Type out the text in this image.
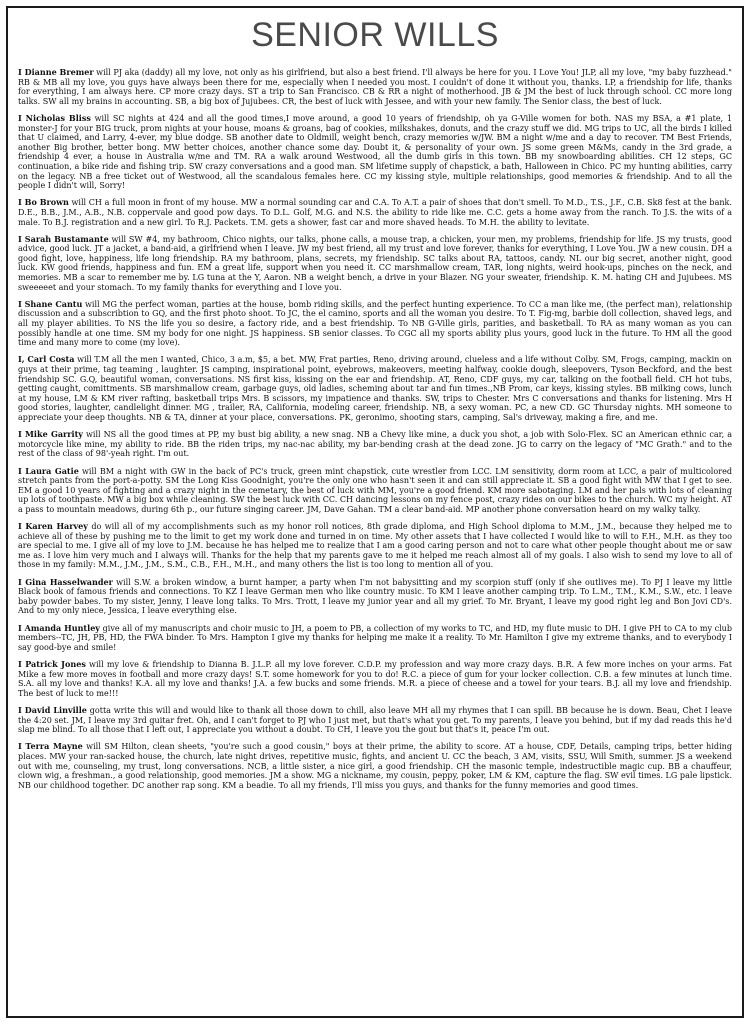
SENIOR WILLS

I Dianne Bremer will PJ aka (daddy) all my love, not only as his girlfriend, but also a best friend. I'll always be here for you. I Love You! JLP, all my love, "my baby fuzzhead." RB & MB all my love, you guys have always been there for me, especially when I needed you most. I couldn't of done it without you, thanks. LP, a friendship for life, thanks for everything, I am always here. CP more crazy days. ST a trip to San Francisco. CB & RR a night of motherhood. JB & JM the best of luck through school. CC more long talks. SW all my brains in accounting. SB, a big box of Jujubees. CR, the best of luck with Jessee, and with your new family. The Senior class, the best of luck.

I Nicholas Bliss will SC nights at 424 and all the good times,I move around, a good 10 years of friendship, oh ya G-Ville women for both. NAS my BSA, a #1 plate, 1 monster-J for your BIG truck, prom nights at your house, moans & groans, bag of cookies, milkshakes, donuts, and the crazy stuff we did. MG trips to UC, all the birds I killed that U claimed, and Larry, 4-ever, my blue dodge. SB another date to Oldmill, weight bench, crazy memories w/JW. BM a night w/me and a day to recover. TM Best Friends, another Big brother, better bong. MW better choices, another chance some day. Doubt it, & personality of your own. JS some green M&Ms, candy in the 3rd grade, a friendship 4 ever, a house in Australia w/me and TM. RA a walk around Westwood, all the dumb girls in this town. BB my snowboarding abilities. CH 12 steps, GC continuation, a bike ride and fishing trip. SW crazy conversations and a good man. SM lifetime supply of chapstick, a bath, Halloween in Chico. PC my hunting abilities, carry on the legacy. NB a free ticket out of Westwood, all the scandalous females here. CC my kissing style, multiple relationships, good memories & friendship. And to all the people I didn't will, Sorry!

I Bo Brown will CH a full moon in front of my house. MW a normal sounding car and C.A. To A.T. a pair of shoes that don't smell. To M.D., T.S., J.F., C.B. Sk8 fest at the bank. D.E., B.B., J.M., A.B., N.B. coppervale and good pow days. To D.L. Golf, M.G. and N.S. the ability to ride like me. C.C. gets a home away from the ranch. To J.S. the wits of a male. To B.J. registration and a new girl. To R.J. Packets. T.M. gets a shower, fast car and more shaved heads. To M.H. the ability to levitate.

I Sarah Bustamante will SW #4, my bathroom, Chico nights, our talks, phone calls, a mouse trap, a chicken, your men, my problems, friendship for life. JS my trusts, good advice, good luck. JT a jacket, a band-aid, a girlfriend when I leave. JW my best friend, all my trust and love forever, thanks for everything, I Love You. JW a new cousin. DH a good fight, love, happiness, life long friendship. RA my bathroom, plans, secrets, my friendship. SC talks about RA, tattoos, candy. NL our big secret, another night, good luck. KW good friends, happiness and fun. EM a great life, support when you need it. CC marshmallow cream, TAR, long nights, weird hook-ups, pinches on the neck, and memories. MB a scar to remember me by. LG tuna at the Y, Aaron. NB a weight bench, a drive in your Blazer. NG your sweater, friendship. K. M. hating CH and Jujubees. MS sweeeeet and your stomach. To my family thanks for everything and I love you.

I Shane Cantu will MG the perfect woman, parties at the house, bomb riding skills, and the perfect hunting experience. To CC a man like me, (the perfect man), relationship discussion and a subscribtion to GQ, and the first photo shoot. To JC, the el camino, sports and all the woman you desire. To T. Fig-mg, barbie doll collection, shaved legs, and all my player abilities. To NS the life you so desire, a factory ride, and a best friendship. To NB G-Ville girls, parities, and basketball. To RA as many woman as you can possibly handle at one time. SM my body for one night. JS happiness. SB senior classes. To CGC all my sports ability plus yours, good luck in the future. To HM all the good time and many more to come (my love).

I, Carl Costa will T.M all the men I wanted, Chico, 3 a.m, $5, a bet. MW, Frat parties, Reno, driving around, clueless and a life without Colby. SM, Frogs, camping, mackin on guys at their prime, tag teaming , laughter. JS camping, inspirational point, eyebrows, makeovers, meeting halfway, cookie dough, sleepovers, Tyson Beckford, and the best friendship SC. G.Q, beautiful woman, conversations. NS first kiss, kissing on the ear and friendship. AT, Reno, CDF guys, my car, talking on the football field. CH hot tubs, getting caught, comittments. SB marshmallow cream, garbage guys, old ladies, scheming about tar and fun times.,NB Prom, car keys, kissing styles. BB milking cows, lunch at my house, LM & KM river rafting, basketball trips Mrs. B scissors, my impatience and thanks. SW, trips to Chester. Mrs C conversations and thanks for listening. Mrs H good stories, laughter, candlelight dinner. MG , trailer, RA, California, modeling career, friendship. NB, a sexy woman. PC, a new CD. GC Thursday nights. MH someone to appreciate your deep thoughts. NB & TA, dinner at your place, conversations. PK, geronimo, shooting stars, camping, Sal's driveway, making a fire, and me.

I Mike Garrity will NS all the good times at PP, my bust big ability, a new snag. NB a Chevy like mine, a duck you shot, a job with Solo-Flex. SC an American ethnic car, a motorcycle like mine, my ability to ride. BB the riden trips, my nac-nac ability, my bar-bending crash at the dead zone. JG to carry on the legacy of "MC Grath." and to the rest of the class of 98'-yeah right. I'm out.

I Laura Gatie will BM a night with GW in the back of PC's truck, green mint chapstick, cute wrestler from LCC. LM sensitivity, dorm room at LCC, a pair of multicolored stretch pants from the port-a-potty. SM the Long Kiss Goodnight, you're the only one who hasn't seen it and can still appreciate it. SB a good fight with MW that I get to see. EM a good 10 years of fighting and a crazy night in the cemetary, the best of luck with MM, you're a good friend. KM more sabotaging. LM and her pals with lots of cleaning up lots of toothpaste. MW a big box while cleaning. SW the best luck with CC. CH dancing lessons on my fence post, crazy rides on our bikes to the church. WC my height. AT a pass to mountain meadows, during 6th p., our future singing career. JM, Dave Gahan. TM a clear band-aid. MP another phone conversation heard on my walky talky.

I Karen Harvey do will all of my accomplishments such as my honor roll notices, 8th grade diploma, and High School diploma to M.M., J.M., because they helped me to achieve all of these by pushing me to the limit to get my work done and turned in on time. My other assets that I have collected I would like to will to F.H., M.H. as they too are special to me. I give all of my love to J.M. because he has helped me to realize that I am a good caring person and not to care what other people thought about me or saw me as. I love him very much and I always will. Thanks for the help that my parents gave to me it helped me reach almost all of my goals. I also wish to send my love to all of those in my family: M.M., J.M., J.M., S.M., C.B., F.H., M.H., and many others the list is too long to mention all of you.

I Gina Hasselwander will S.W. a broken window, a burnt hamper, a party when I'm not babysitting and my scorpion stuff (only if she outlives me). To PJ I leave my little Black book of famous friends and connections. To KZ I leave German men who like country music. To KM I leave another camping trip. To L.M., T.M., K.M., S.W., etc. I leave baby powder babes. To my sister, Jenny, I leave long talks. To Mrs. Trott, I leave my junior year and all my grief. To Mr. Bryant, I leave my good right leg and Bon Jovi CD's. And to my only niece, Jessica, I leave everything else.

I Amanda Huntley give all of my manuscripts and choir music to JH, a poem to PB, a collection of my works to TC, and HD, my flute music to DH. I give PH to CA to my club members--TC, JH, PB, HD, the FWA binder. To Mrs. Hampton I give my thanks for helping me make it a reality. To Mr. Hamilton I give my extreme thanks, and to everybody I say good-bye and smile!

I Patrick Jones will my love & friendship to Dianna B. J.L.P. all my love forever. C.D.P. my profession and way more crazy days. B.R. A few more inches on your arms. Fat Mike a few more moves in football and more crazy days! S.T. some homework for you to do! R.C. a piece of gum for your locker collection. C.B. a few minutes at lunch time. S.A. all my love and thanks! K.A. all my love and thanks! J.A. a few bucks and some friends. M.R. a piece of cheese and a towel for your tears. B.J. all my love and friendship. The best of luck to me!!!

I David Linville gotta write this will and would like to thank all those down to chill, also leave MH all my rhymes that I can spill. BB because he is down. Beau, Chet I leave the 4:20 set. JM, I leave my 3rd guitar fret. Oh, and I can't forget to PJ who I just met, but that's what you get. To my parents, I leave you behind, but if my dad reads this he'd slap me blind. To all those that I left out, I appreciate you without a doubt. To CH, I leave you the gout but that's it, peace I'm out.

I Terra Mayne will SM Hilton, clean sheets, "you're such a good cousin," boys at their prime, the ability to score. AT a house, CDF, Details, camping trips, better hiding places. MW your ran-sacked house, the church, late night drives, repetitive music, fights, and ancient U. CC the beach, 3 AM, visits, SSU, Will Smith, summer. JS a weekend out with me, counseling, my trust, long conversations. NCB, a little sister, a nice girl, a good friendship. CH the masonic temple, indestructible magic cup. BB a chauffeur, clown wig, a freshman., a good relationship, good memories. JM a show. MG a nickname, my cousin, peppy, poker, LM & KM, capture the flag. SW evil times. LG pale lipstick. NB our childhood together. DC another rap song. KM a beadie. To all my friends, I'll miss you guys, and thanks for the funny memories and good times.
